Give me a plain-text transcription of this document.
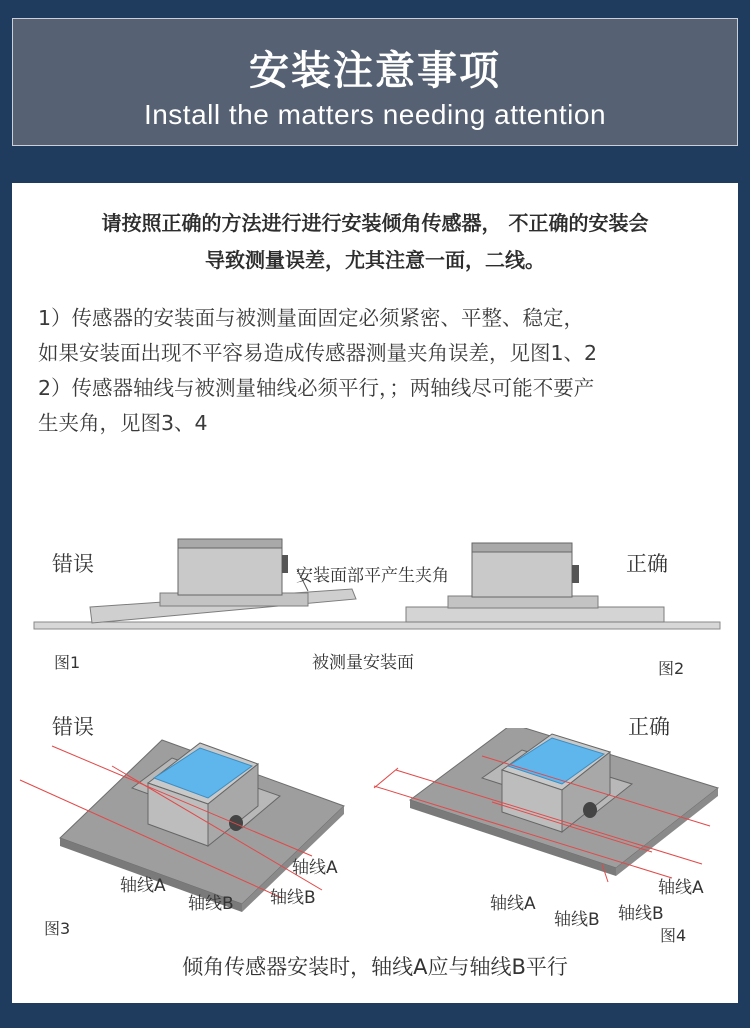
安装注意事项
Install the matters needing attention
请按照正确的方法进行进行安装倾角传感器， 不正确的安装会
导致测量误差，尤其注意一面，二线。
1）传感器的安装面与被测量面固定必须紧密、平整、稳定，
如果安装面出现不平容易造成传感器测量夹角误差，见图1、2
2）传感器轴线与被测量轴线必须平行，；两轴线尽可能不要产
生夹角，见图3、4
错误	正确
安装面部平产生夹角
被测量安装面
图1	图2
错误	正确
轴线A
轴线A
轴线B 轴线B
图3
轴线A
轴线A
轴线B 轴线B
图4
倾角传感器安装时，轴线A应与轴线B平行
